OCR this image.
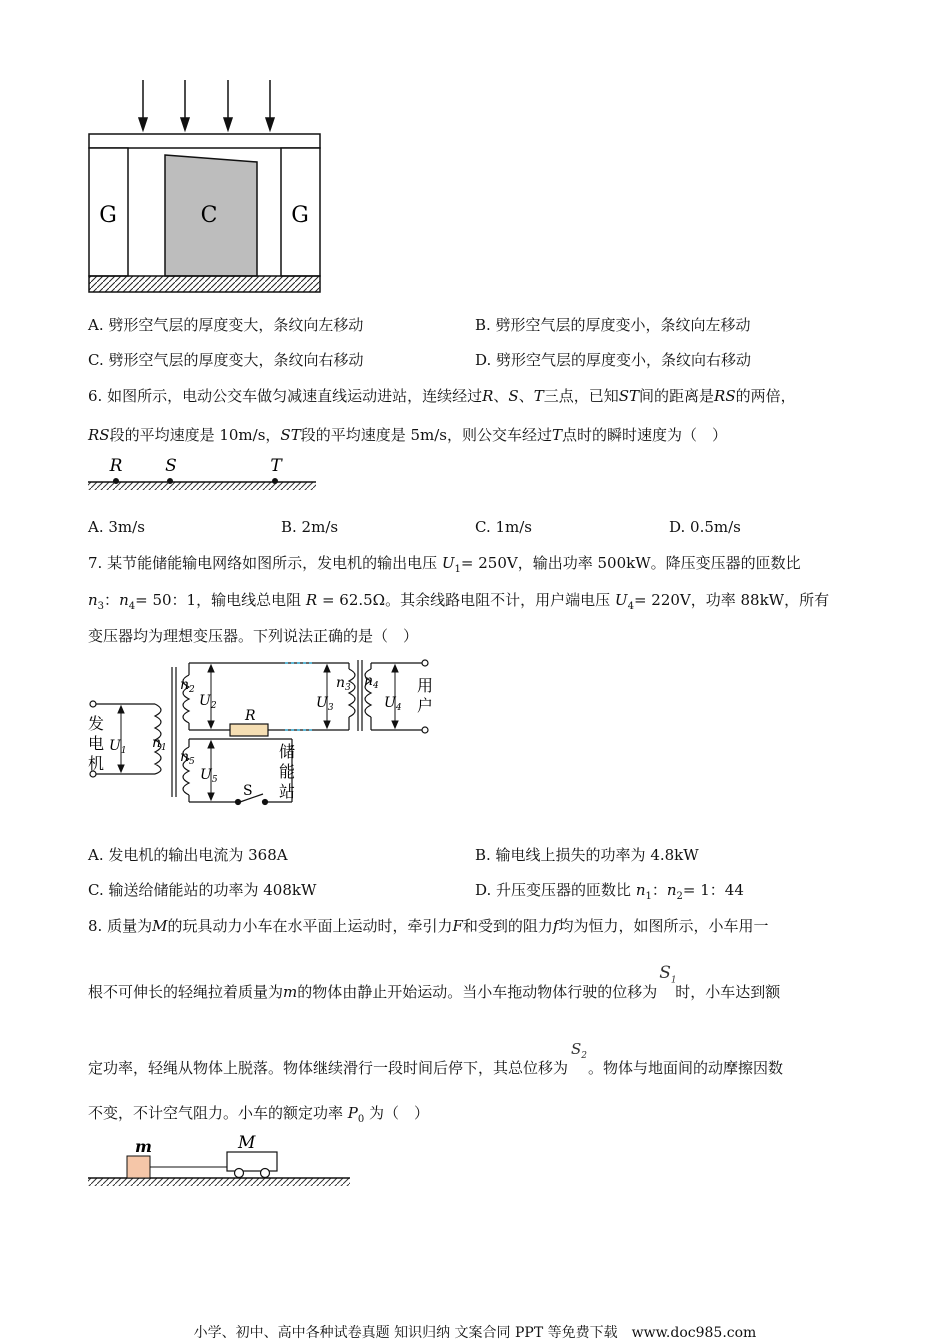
G	C	G
A. 劈形空气层的厚度变大，条纹向左移动	B. 劈形空气层的厚度变小，条纹向左移动
C. 劈形空气层的厚度变大，条纹向右移动	D. 劈形空气层的厚度变小，条纹向右移动
6. 如图所示，电动公交车做匀减速直线运动进站，连续经过R、S、T三点，已知ST间的距离是RS的两倍，
RS段的平均速度是 10m/s，ST段的平均速度是 5m/s，则公交车经过T点时的瞬时速度为（　）
R	S	T
A. 3m/s	B. 2m/s	C. 1m/s	D. 0.5m/s
7. 某节能储能输电网络如图所示，发电机的输出电压 $U_1= 250V$，输出功率 500kW。降压变压器的匝数比
$n_3$：$n_4= 50$：1，输电线总电阻 R = 62.5Ω。其余线路电阻不计，用户端电压 $U_4= 220V$，功率 88kW，所有
变压器均为理想变压器。下列说法正确的是（　）
$n_2$
$U_2$
$n_1$
$U_1$	$n_5$
$U_5$
$n_3$
$U_3$
$n_4$
$U_4$
R
S
发
电
机
用
户
储
能
站
A. 发电机的输出电流为 368A	B. 输电线上损失的功率为 4.8kW
C. 输送给储能站的功率为 408kW	D. 升压变压器的匝数比 $n_1$：$n_2= 1$：44
8. 质量为M的玩具动力小车在水平面上运动时，牵引力F和受到的阻力f均为恒力，如图所示，小车用一
根不可伸长的轻绳拉着质量为m的物体由静止开始运动。当小车拖动物体行驶的位移为
$S_1$
时，小车达到额
定功率，轻绳从物体上脱落。物体继续滑行一段时间后停下，其总位移为
$S_2$
。物体与地面间的动摩擦因数
不变，不计空气阻力。小车的额定功率 $P_0$ 为（　）
m	M
小学、初中、高中各种试卷真题 知识归纳 文案合同 PPT 等免费下载　www.doc985.com
